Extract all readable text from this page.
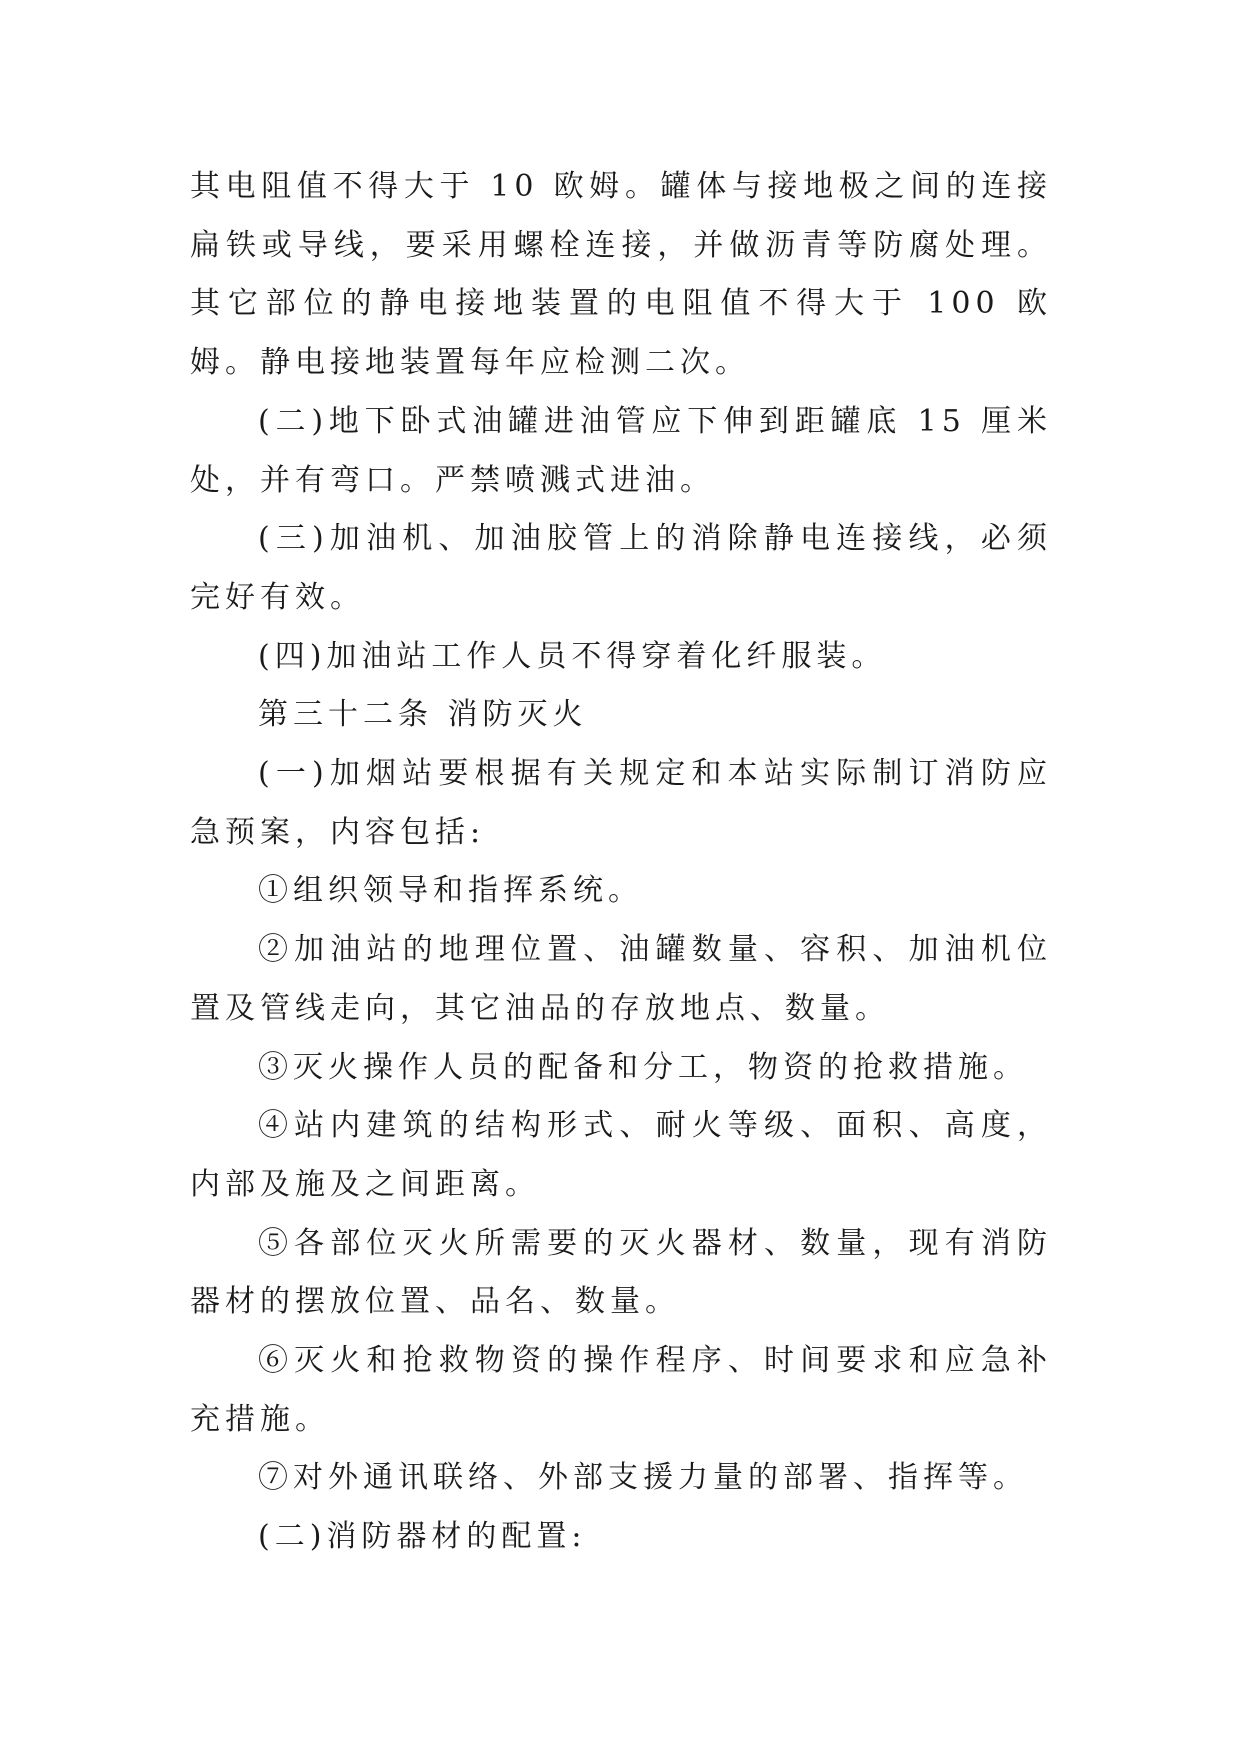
其电阻值不得大于 10 欧姆。罐体与接地极之间的连接扁铁或导线，要采用螺栓连接，并做沥青等防腐处理。其它部位的静电接地装置的电阻值不得大于 100 欧姆。静电接地装置每年应检测二次。

(二)地下卧式油罐进油管应下伸到距罐底 15 厘米处，并有弯口。严禁喷溅式进油。

(三)加油机、加油胶管上的消除静电连接线，必须完好有效。

(四)加油站工作人员不得穿着化纤服装。

第三十二条 消防灭火

(一)加烟站要根据有关规定和本站实际制订消防应急预案，内容包括:

①组织领导和指挥系统。

②加油站的地理位置、油罐数量、容积、加油机位置及管线走向，其它油品的存放地点、数量。

③灭火操作人员的配备和分工，物资的抢救措施。

④站内建筑的结构形式、耐火等级、面积、高度，内部及施及之间距离。

⑤各部位灭火所需要的灭火器材、数量，现有消防器材的摆放位置、品名、数量。

⑥灭火和抢救物资的操作程序、时间要求和应急补充措施。

⑦对外通讯联络、外部支援力量的部署、指挥等。

(二)消防器材的配置:
